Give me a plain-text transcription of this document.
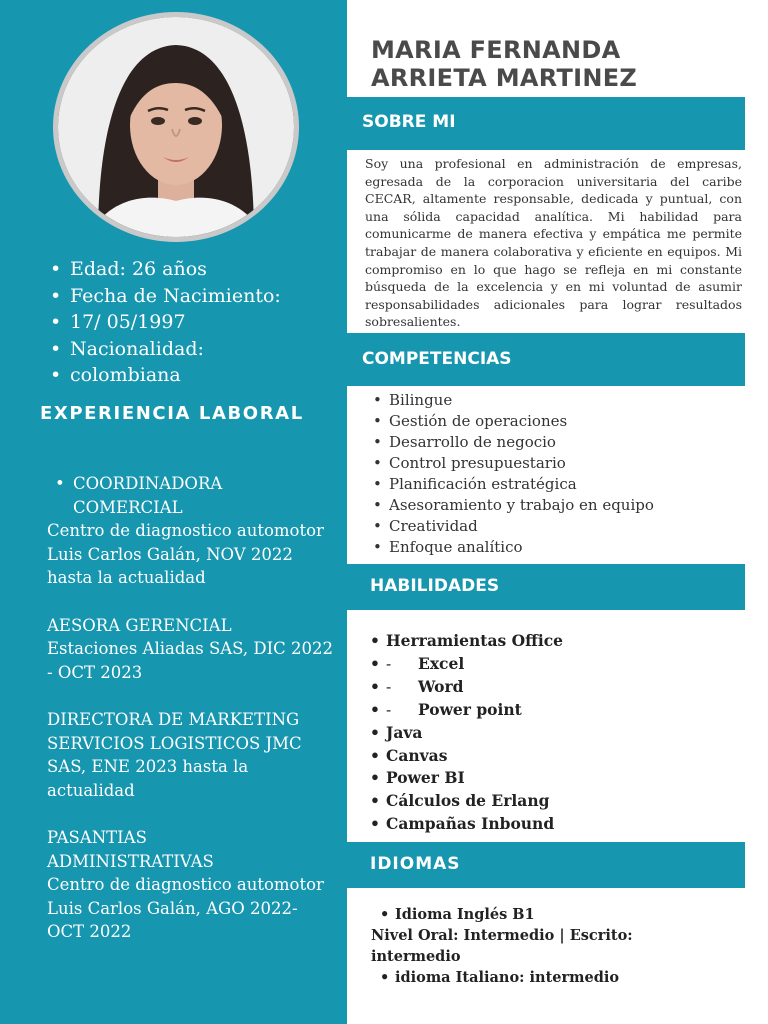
• Edad: 26 años
• Fecha de Nacimiento:
• 17/ 05/1997
• Nacionalidad:
• colombiana
EXPERIENCIA LABORAL
• COORDINADORA
COMERCIAL
Centro de diagnostico automotor
Luis Carlos Galán, NOV 2022
hasta la actualidad
AESORA GERENCIAL
Estaciones Aliadas SAS, DIC 2022
- OCT 2023
DIRECTORA DE MARKETING
SERVICIOS LOGISTICOS JMC
SAS, ENE 2023 hasta la
actualidad
PASANTIAS
ADMINISTRATIVAS
Centro de diagnostico automotor
Luis Carlos Galán, AGO 2022-
OCT 2022
MARIA FERNANDA
ARRIETA MARTINEZ
SOBRE MI

Soy una profesional en administración de empresas, egresada de la corporacion universitaria del caribe CECAR, altamente responsable, dedicada y puntual, con una sólida capacidad analítica. Mi habilidad para comunicarme de manera efectiva y empática me permite trabajar de manera colaborativa y eficiente en equipos. Mi compromiso en lo que hago se refleja en mi constante búsqueda de la excelencia y en mi voluntad de asumir responsabilidades adicionales para lograr resultados sobresalientes.

COMPETENCIAS
• Bilingue
• Gestión de operaciones
• Desarrollo de negocio
• Control presupuestario
• Planificación estratégica
• Asesoramiento y trabajo en equipo
• Creatividad
• Enfoque analítico
HABILIDADES
• Herramientas Office
• - Excel
• - Word
• - Power point
• Java
• Canvas
• Power BI
• Cálculos de Erlang
• Campañas Inbound
IDIOMAS
• Idioma Inglés B1
Nivel Oral: Intermedio | Escrito:
intermedio
• idioma Italiano: intermedio
